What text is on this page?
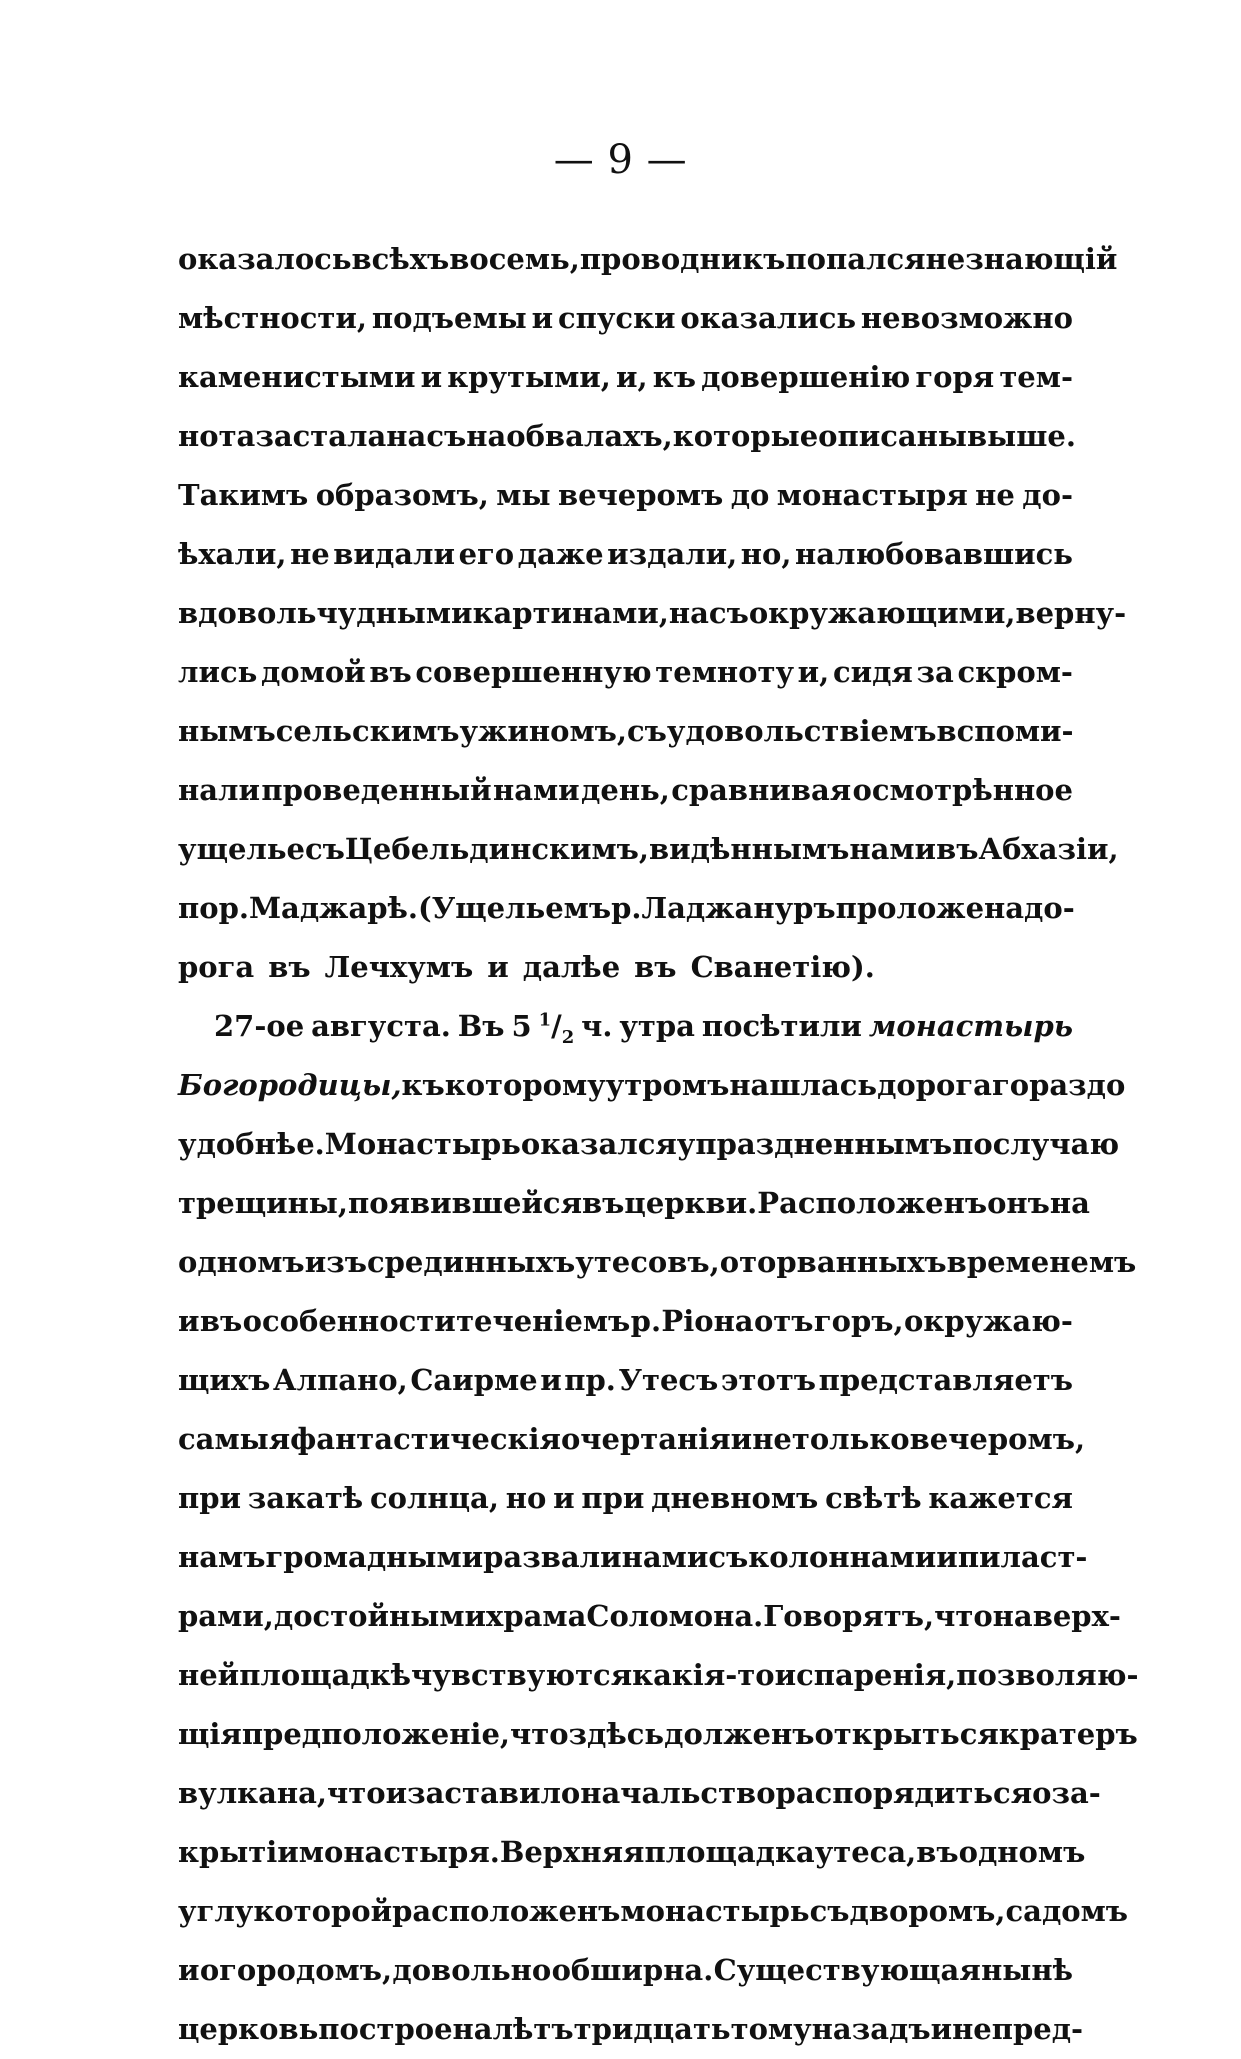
— 9 —
оказалось всѣхъ восемь, проводникъ попался незнающій
мѣстности, подъемы и спуски оказались невозможно
каменистыми и крутыми, и, къ довершенію горя тем-
нота застала насъ на обвалахъ, которые описаны выше.
Такимъ образомъ, мы вечеромъ до монастыря не до-
ѣхали, не видали его даже издали, но, налюбовавшись
вдоволь чудными картинами, насъ окружающими, верну-
лись домой въ совершенную темноту и, сидя за скром-
нымъ сельскимъ ужиномъ, съ удовольствіемъ вспоми-
нали проведенный нами день, сравнивая осмотрѣнное
ущелье съ Цебельдинскимъ, видѣннымъ нами въ Абхазіи,
по р. Маджарѣ. (Ущельемъ р. Ладжануръ проложена до-
рога въ Лечхумъ и далѣе въ Сванетію).
27-ое августа. Въ 5 $^1/_2$ ч. утра посѣтили монастырь
Богородицы, къ которому утромъ нашлась дорога гораздо
удобнѣе. Монастырь оказался упраздненнымъ по случаю
трещины, появившейся въ церкви. Расположенъ онъ на
одномъ изъ срединныхъ утесовъ, оторванныхъ временемъ
и въ особенности теченіемъ р. Ріона отъ горъ, окружаю-
щихъ Алпано, Саирме и пр. Утесъ этотъ представляетъ
самыя фантастическія очертанія и не только вечеромъ,
при закатѣ солнца, но и при дневномъ свѣтѣ кажется
намъ громадными развалинами съ колоннами и пиласт-
рами, достойными храма Соломона. Говорятъ, что на верх-
ней площадкѣ чувствуются какія-то испаренія, позволяю-
щія предположеніе, что здѣсь долженъ открыться кратеръ
вулкана, что и заставило начальство распорядиться о за-
крытіи монастыря. Верхняя площадка утеса, въ одномъ
углу которой расположенъ монастырь съ дворомъ, садомъ
и огородомъ, довольно обширна. Существующая нынѣ
церковь построена лѣтъ тридцать тому назадъ и не пред-
